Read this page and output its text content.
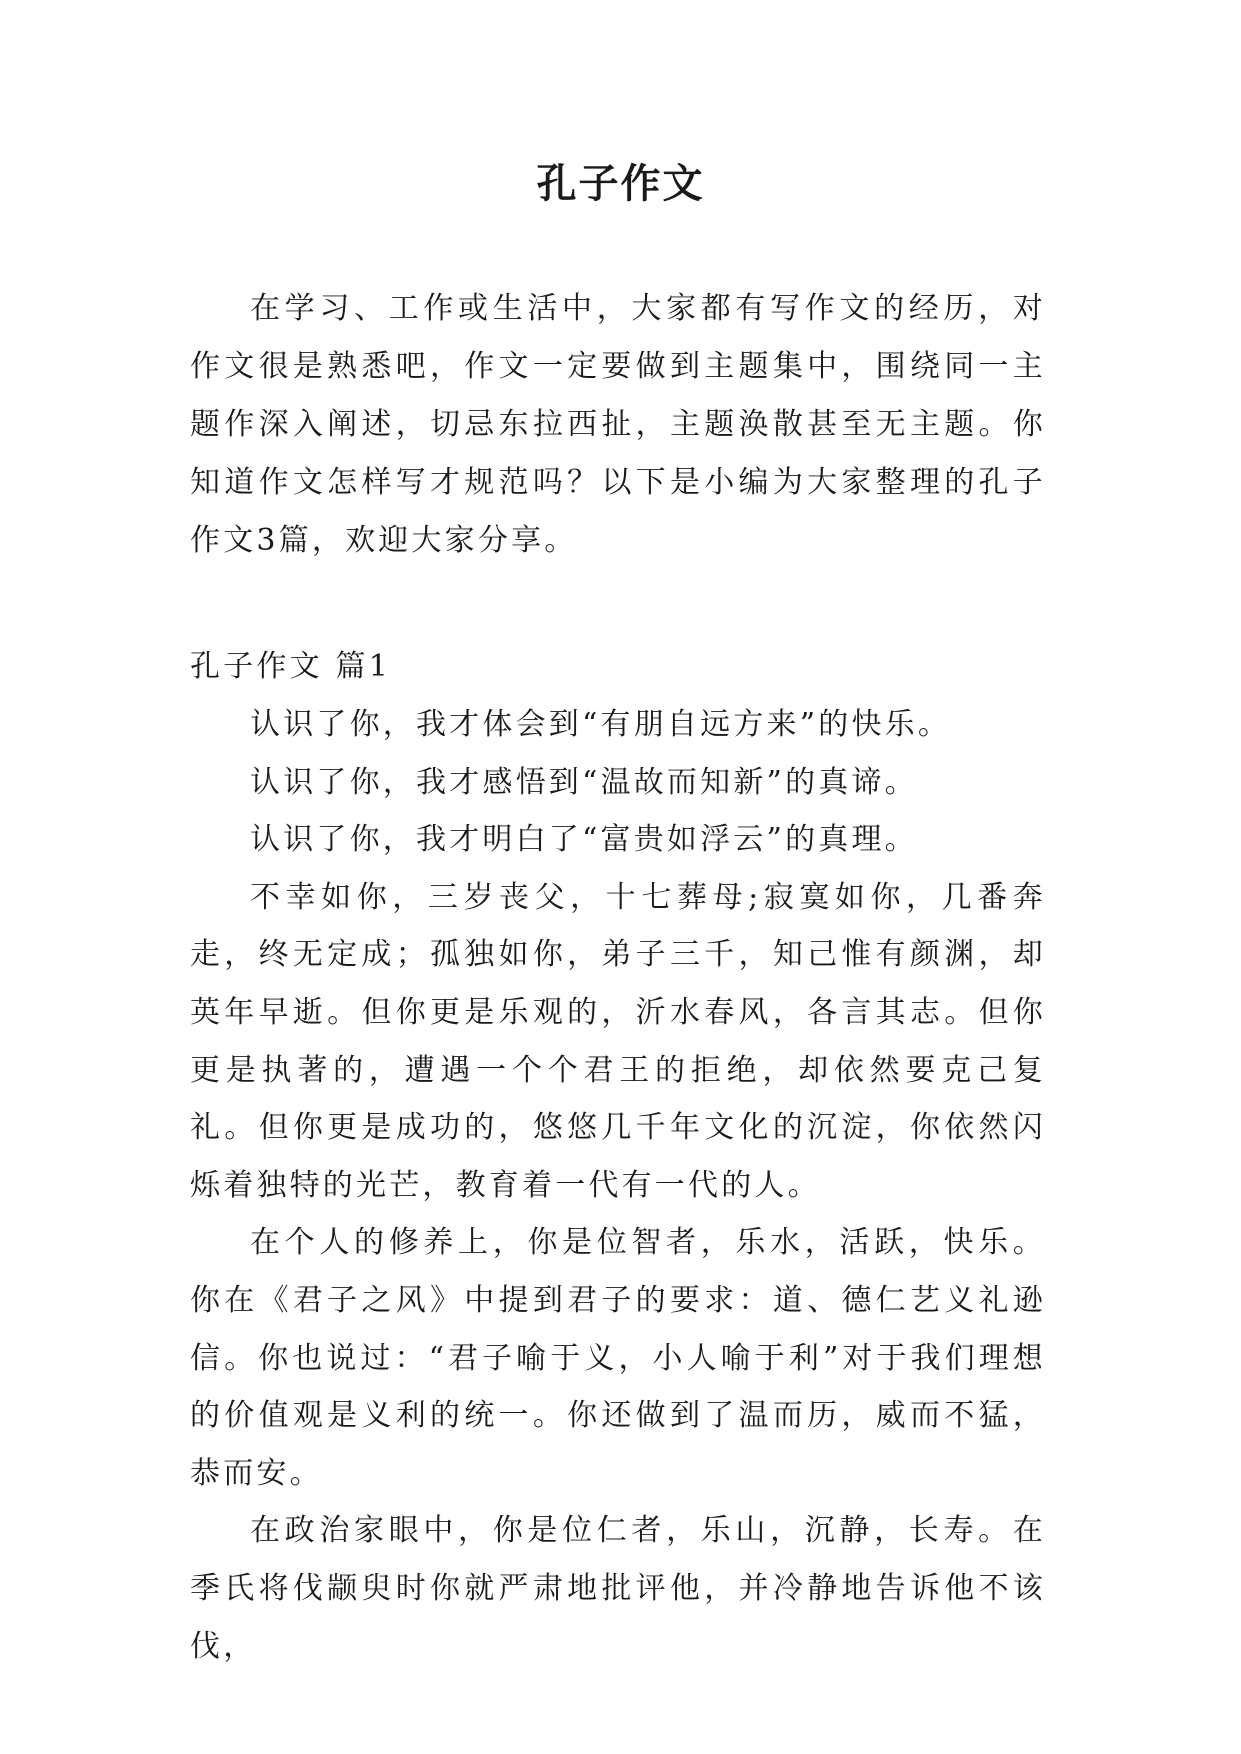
孔子作文

在学习、工作或生活中，大家都有写作文的经历，对作文很是熟悉吧，作文一定要做到主题集中，围绕同一主题作深入阐述，切忌东拉西扯，主题涣散甚至无主题。你知道作文怎样写才规范吗？以下是小编为大家整理的孔子作文3篇，欢迎大家分享。

孔子作文 篇1

认识了你，我才体会到“有朋自远方来”的快乐。

认识了你，我才感悟到“温故而知新”的真谛。

认识了你，我才明白了“富贵如浮云”的真理。

不幸如你，三岁丧父，十七葬母;寂寞如你，几番奔走，终无定成；孤独如你，弟子三千，知己惟有颜渊，却英年早逝。但你更是乐观的，沂水春风，各言其志。但你更是执著的，遭遇一个个君王的拒绝，却依然要克己复礼。但你更是成功的，悠悠几千年文化的沉淀，你依然闪烁着独特的光芒，教育着一代有一代的人。

在个人的修养上，你是位智者，乐水，活跃，快乐。你在《君子之风》中提到君子的要求：道、德仁艺义礼逊信。你也说过：“君子喻于义，小人喻于利”对于我们理想的价值观是义利的统一。你还做到了温而历，威而不猛，恭而安。

在政治家眼中，你是位仁者，乐山，沉静，长寿。在季氏将伐颛臾时你就严肃地批评他，并冷静地告诉他不该伐，
